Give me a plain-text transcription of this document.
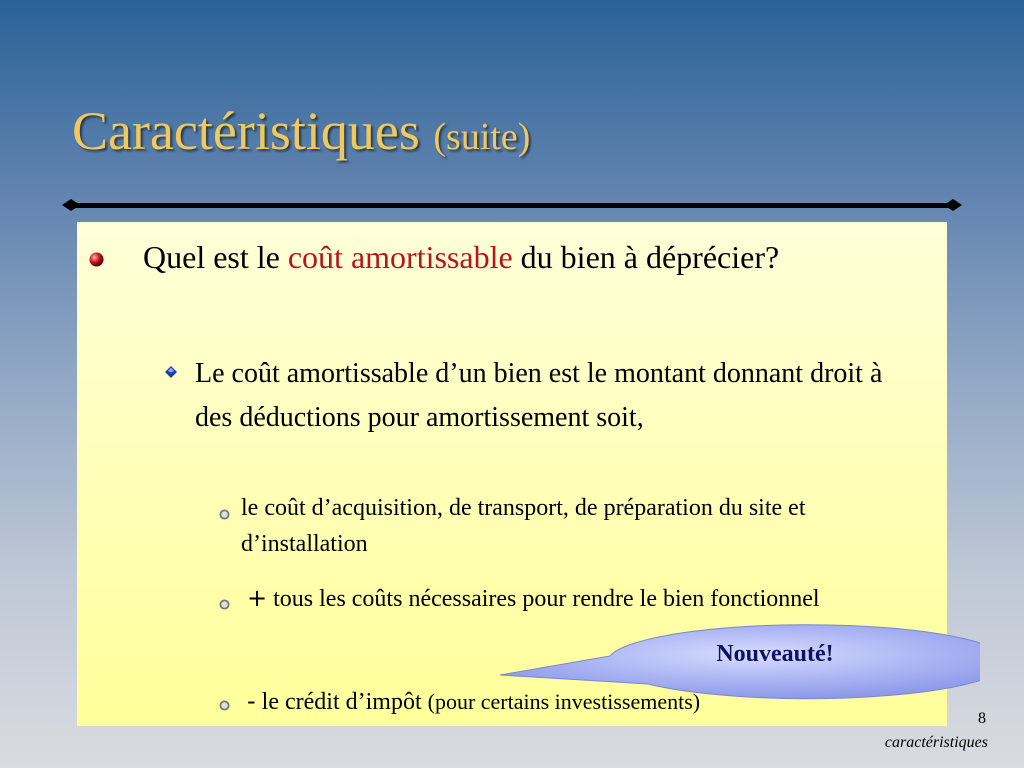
Caractéristiques (suite)
Quel est le coût amortissable du bien à déprécier?
Le coût amortissable d’un bien est le montant donnant droit à des déductions pour amortissement soit,
le coût d’acquisition, de transport, de préparation du site et d’installation
+ tous les coûts nécessaires pour rendre le bien fonctionnel
- le crédit d’impôt (pour certains investissements)
Nouveauté!
8
caractéristiques
